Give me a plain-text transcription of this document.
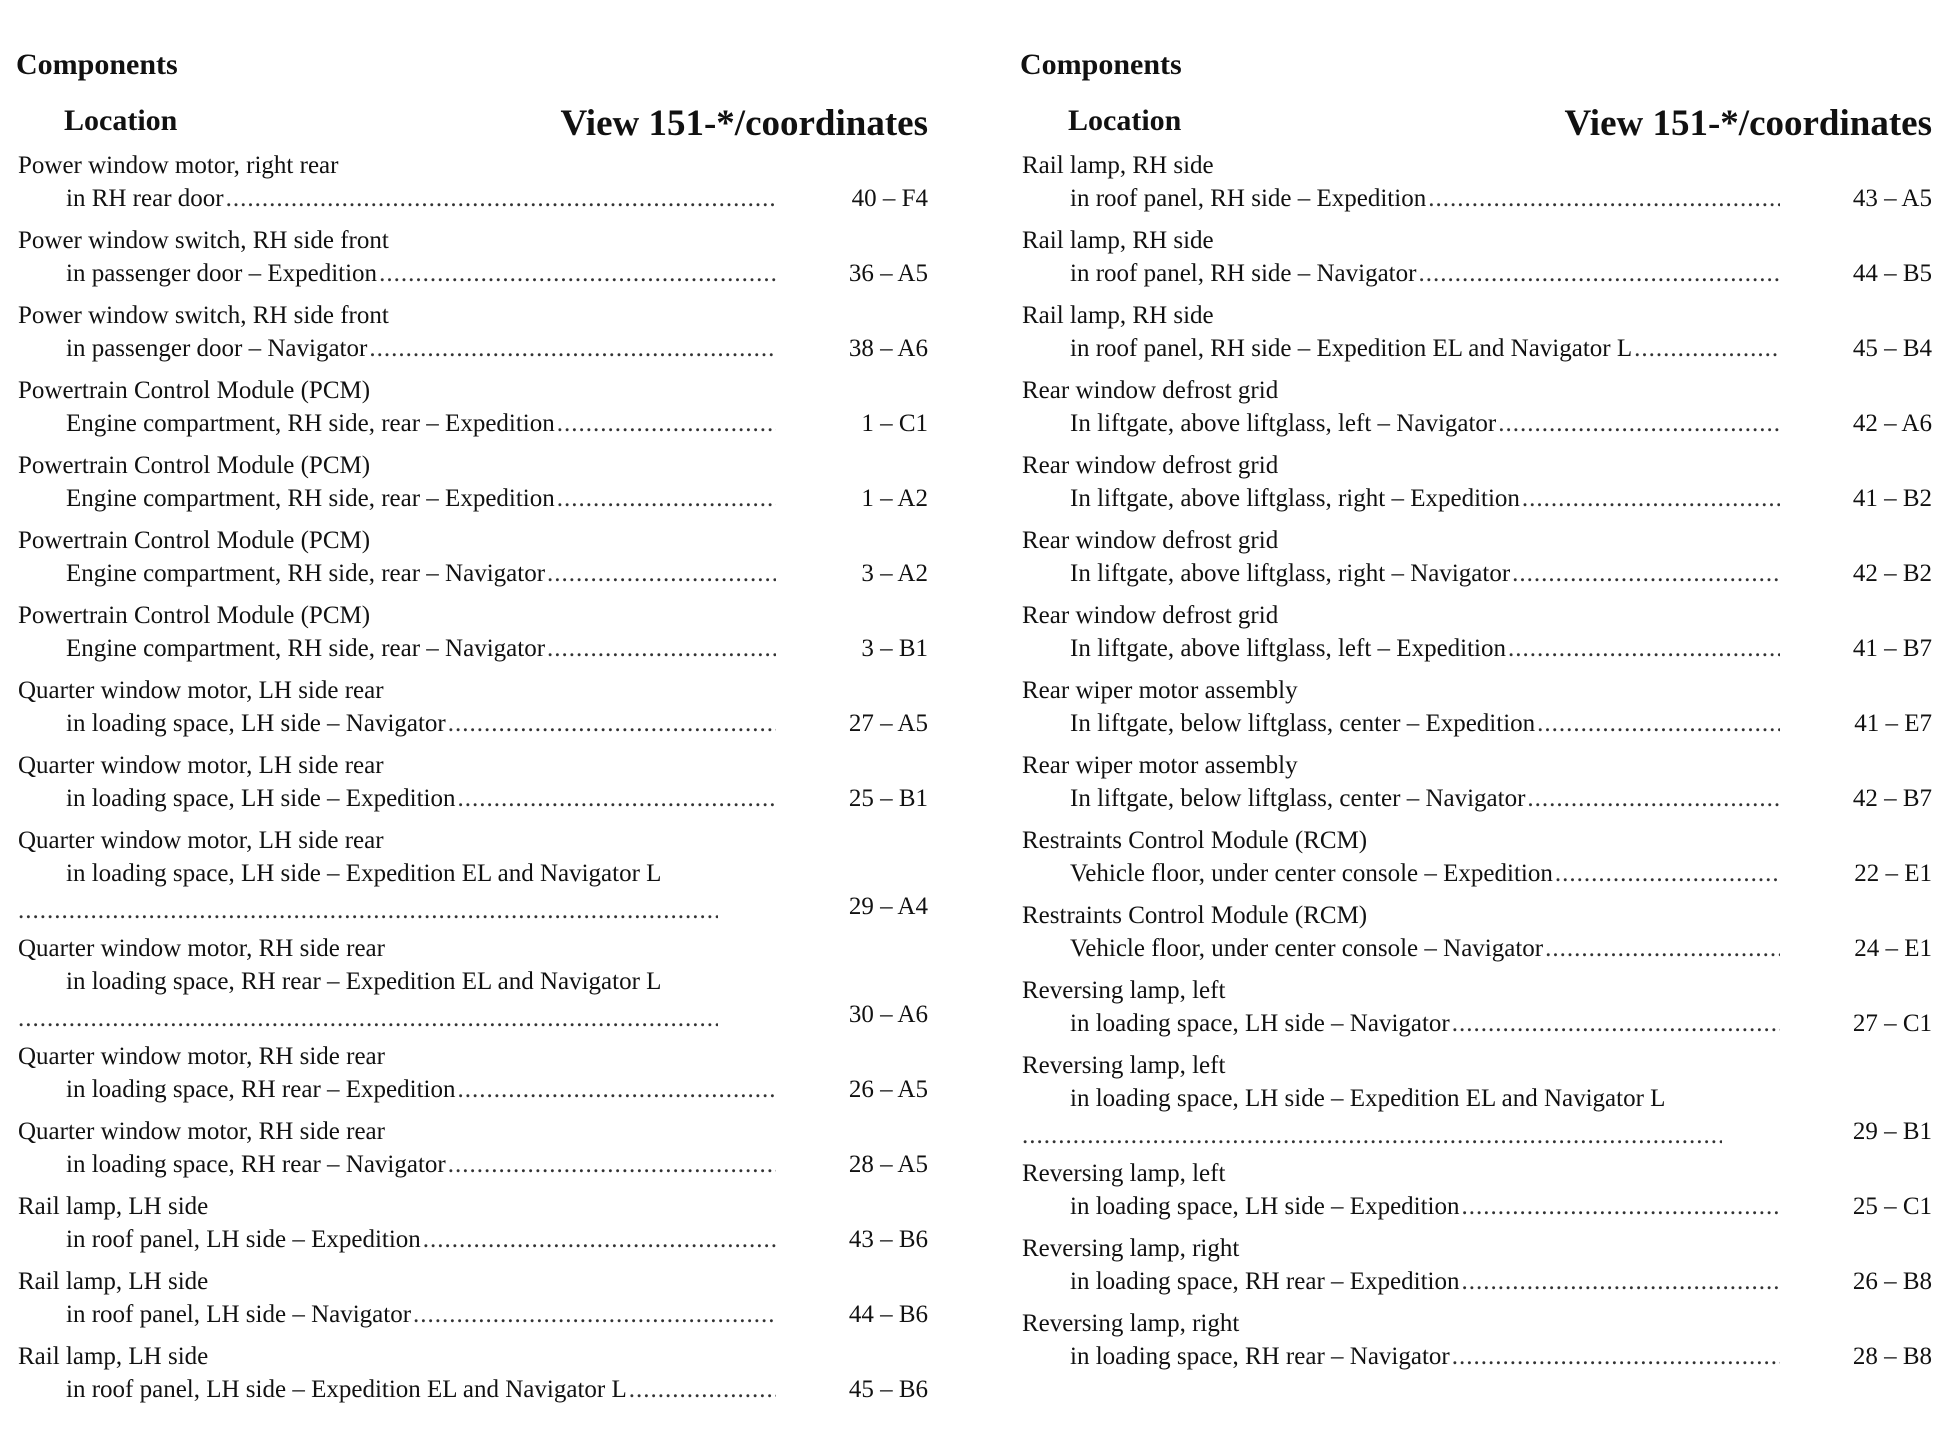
Components
Location	View 151-*/coordinates
Power window motor, right rear
in RH rear door .....	40 – F4
Power window switch, RH side front
in passenger door – Expedition .....	36 – A5
Power window switch, RH side front
in passenger door – Navigator .....	38 – A6
Powertrain Control Module (PCM)
Engine compartment, RH side, rear – Expedition .....	1 – C1
Powertrain Control Module (PCM)
Engine compartment, RH side, rear – Expedition .....	1 – A2
Powertrain Control Module (PCM)
Engine compartment, RH side, rear – Navigator .....	3 – A2
Powertrain Control Module (PCM)
Engine compartment, RH side, rear – Navigator .....	3 – B1
Quarter window motor, LH side rear
in loading space, LH side – Navigator .....	27 – A5
Quarter window motor, LH side rear
in loading space, LH side – Expedition .....	25 – B1
Quarter window motor, LH side rear
in loading space, LH side – Expedition EL and Navigator L
.....
29 – A4
Quarter window motor, RH side rear
in loading space, RH rear – Expedition EL and Navigator L
.....
30 – A6
Quarter window motor, RH side rear
in loading space, RH rear – Expedition .....	26 – A5
Quarter window motor, RH side rear
in loading space, RH rear – Navigator .....	28 – A5
Rail lamp, LH side
in roof panel, LH side – Expedition .....	43 – B6
Rail lamp, LH side
in roof panel, LH side – Navigator .....	44 – B6
Rail lamp, LH side
in roof panel, LH side – Expedition EL and Navigator L .....	45 – B6
Components
Location	View 151-*/coordinates
Rail lamp, RH side
in roof panel, RH side – Expedition .....	43 – A5
Rail lamp, RH side
in roof panel, RH side – Navigator .....	44 – B5
Rail lamp, RH side
in roof panel, RH side – Expedition EL and Navigator L .....	45 – B4
Rear window defrost grid
In liftgate, above liftglass, left – Navigator .....	42 – A6
Rear window defrost grid
In liftgate, above liftglass, right – Expedition .....	41 – B2
Rear window defrost grid
In liftgate, above liftglass, right – Navigator .....	42 – B2
Rear window defrost grid
In liftgate, above liftglass, left – Expedition .....	41 – B7
Rear wiper motor assembly
In liftgate, below liftglass, center – Expedition .....	41 – E7
Rear wiper motor assembly
In liftgate, below liftglass, center – Navigator .....	42 – B7
Restraints Control Module (RCM)
Vehicle floor, under center console – Expedition .....	22 – E1
Restraints Control Module (RCM)
Vehicle floor, under center console – Navigator .....	24 – E1
Reversing lamp, left
in loading space, LH side – Navigator .....	27 – C1
Reversing lamp, left
in loading space, LH side – Expedition EL and Navigator L
.....
29 – B1
Reversing lamp, left
in loading space, LH side – Expedition .....	25 – C1
Reversing lamp, right
in loading space, RH rear – Expedition .....	26 – B8
Reversing lamp, right
in loading space, RH rear – Navigator .....	28 – B8
